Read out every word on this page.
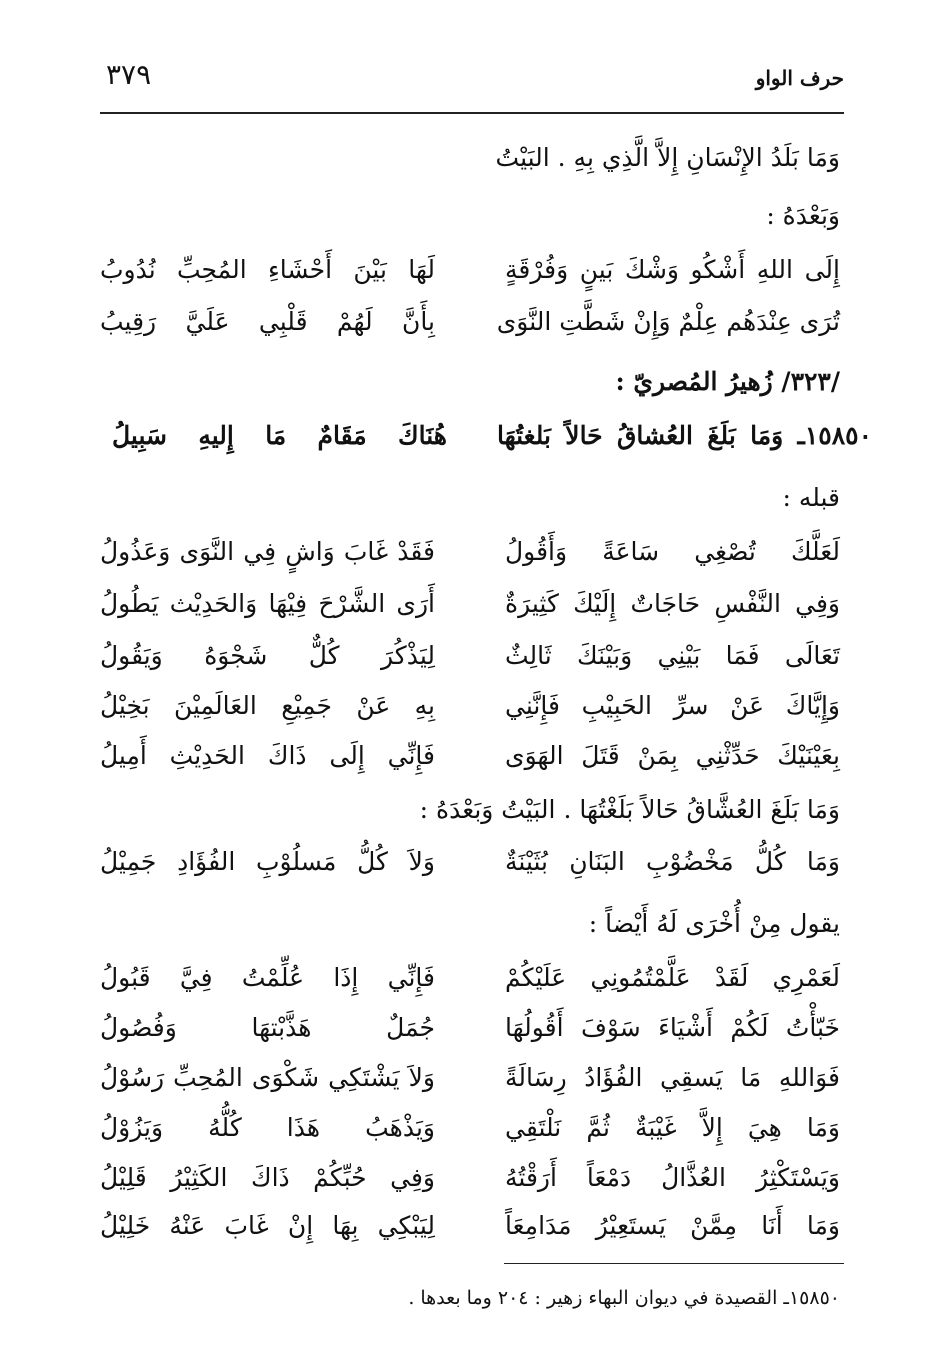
حرف الواو
٣٧٩
وَمَا بَلَدُ الإِنْسَانِ إِلاَّ الَّذِي بِهِ . البَيْتُ
وَبَعْدَهُ :
إِلَى اللهِ أَشْكُو وَشْكَ بَينٍ وَفُرْقَةٍ
لَهَا بَيْنَ أَحْشَاءِ المُحِبِّ نُدُوبُ
تُرَى عِنْدَهُم عِلْمٌ وَإِنْ شَطَّتِ النَّوَى
بِأَنَّ لَهُمْ قَلْبِي عَلَيَّ رَقِيبُ
/٣٢٣/ زُهيرُ المُصريّ :
١٥٨٥٠ـ وَمَا بَلَغَ العُشاقُ حَالاً بَلغتُهَا
هُنَاكَ مَقَامٌ مَا إِليهِ سَبِيلُ
قبله :
لَعَلَّكَ تُصْغِي سَاعَةً وَأَقُولُ
فَقَدْ غَابَ وَاشٍ فِي النَّوَى وَعَذُولُ
وَفِي النَّفْسِ حَاجَاتٌ إِلَيْكَ كَثِيرَةٌ
أَرَى الشَّرْحَ فِيْهَا وَالحَدِيْث يَطُولُ
تَعَالَى فَمَا بَيْنِي وَبَيْنَكَ ثَالِثٌ
لِيَذْكُرَ كُلٌّ شَجْوَهُ وَيَقُولُ
وَإِيَّاكَ عَنْ سرِّ الحَبِيْبِ فَإِنَّنِي
بِهِ عَنْ جَمِيْعِ العَالَمِيْنَ بَخِيْلُ
بِعَيْنَيْكَ حَدِّثْنِي بِمَنْ قَتَلَ الهَوَى
فَإِنِّي إِلَى ذَاكَ الحَدِيْثِ أَمِيلُ
وَمَا بَلَغَ العُشَّاقُ حَالاً بَلَغْتُهَا . البَيْتُ وَبَعْدَهُ :
وَمَا كُلُّ مَخْضُوْبِ البَنَانِ بُثَيْنَةٌ
وَلاَ كُلُّ مَسلُوْبِ الفُؤَادِ جَمِيْلُ
يقول مِنْ أُخْرَى لَهُ أَيْضاً :
لَعَمْرِي لَقَدْ عَلَّمْتُمُونِي عَلَيْكُمْ
فَإِنِّي إِذَا عُلِّمْتُ فِيَّ قَبُولُ
خَبّأْتُ لَكُمْ أَشْيَاءَ سَوْفَ أَقُولُهَا
جُمَلٌ هَذَّبْتهَا وَفُصُولُ
فَوَاللهِ مَا يَسقِي الفُؤَادُ رِسَالَةً
وَلاَ يَشْتَكِي شَكْوَى المُحِبِّ رَسُوْلُ
وَمَا هِيَ إِلاَّ غَيْبَةٌ ثُمَّ نَلْتَقِي
وَيَذْهَبُ هَذَا كُلُّهُ وَيَزُوْلُ
وَيَسْتَكْثِرُ العُذَّالُ دَمْعَاً أَرَقْتُهُ
وَفِي حُبِّكُمْ ذَاكَ الكَثِيْرُ قَلِيْلُ
وَمَا أَنَا مِمَّنْ يَستَعِيْرُ مَدَامِعَاً
لِيَبْكِي بِهَا إِنْ غَابَ عَنْهُ خَلِيْلُ
١٥٨٥٠ـ القصيدة في ديوان البهاء زهير : ٢٠٤ وما بعدها .
